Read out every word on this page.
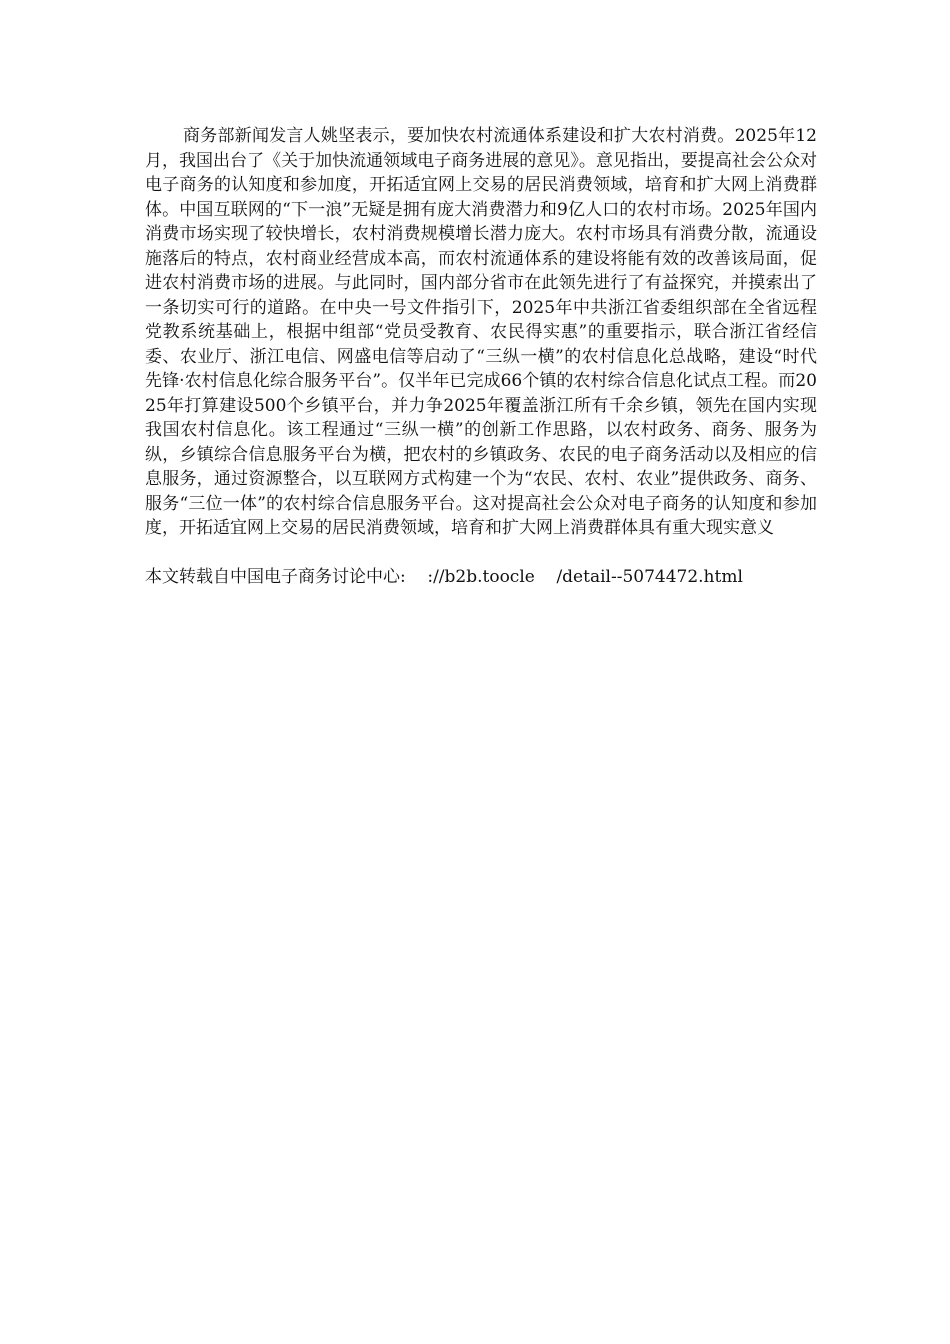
商务部新闻发言人姚坚表示，要加快农村流通体系建设和扩大农村消费。2025年12月，我国出台了《关于加快流通领域电子商务进展的意见》。意见指出，要提高社会公众对电子商务的认知度和参加度，开拓适宜网上交易的居民消费领域，培育和扩大网上消费群体。中国互联网的“下一浪”无疑是拥有庞大消费潜力和9亿人口的农村市场。2025年国内消费市场实现了较快增长，农村消费规模增长潜力庞大。农村市场具有消费分散，流通设施落后的特点，农村商业经营成本高，而农村流通体系的建设将能有效的改善该局面，促进农村消费市场的进展。与此同时，国内部分省市在此领先进行了有益探究，并摸索出了一条切实可行的道路。在中央一号文件指引下，2025年中共浙江省委组织部在全省远程党教系统基础上，根据中组部“党员受教育、农民得实惠”的重要指示，联合浙江省经信委、农业厅、浙江电信、网盛电信等启动了“三纵一横”的农村信息化总战略，建设“时代先锋·农村信息化综合服务平台”。仅半年已完成66个镇的农村综合信息化试点工程。而2025年打算建设500个乡镇平台，并力争2025年覆盖浙江所有千余乡镇，领先在国内实现我国农村信息化。该工程通过“三纵一横”的创新工作思路，以农村政务、商务、服务为纵，乡镇综合信息服务平台为横，把农村的乡镇政务、农民的电子商务活动以及相应的信息服务，通过资源整合，以互联网方式构建一个为“农民、农村、农业”提供政务、商务、服务“三位一体”的农村综合信息服务平台。这对提高社会公众对电子商务的认知度和参加度，开拓适宜网上交易的居民消费领域，培育和扩大网上消费群体具有重大现实意义

本文转载自中国电子商务讨论中心:    ://b2b.toocle    /detail--5074472.html
